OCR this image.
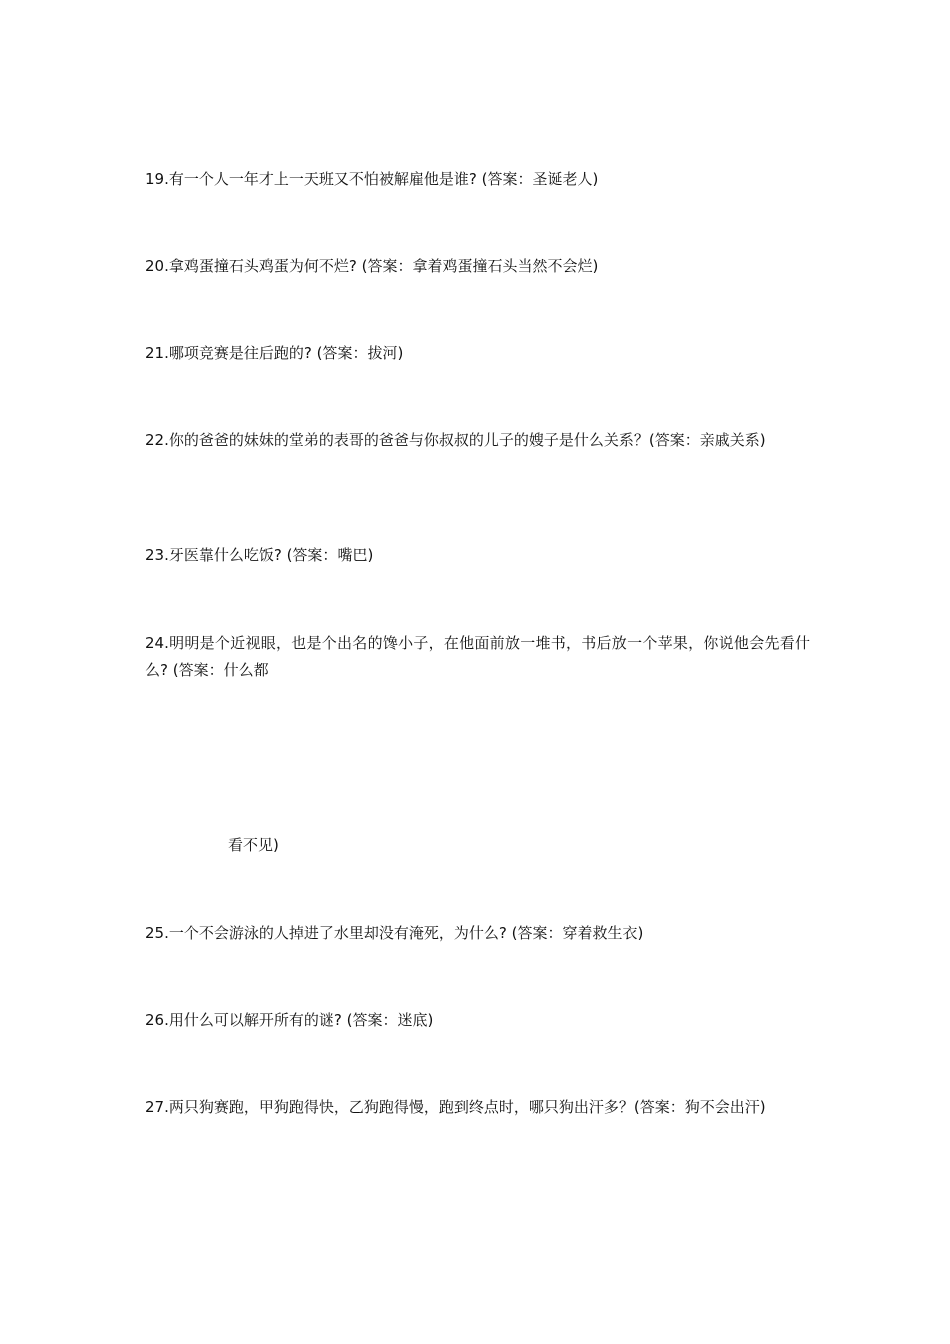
19.有一个人一年才上一天班又不怕被解雇他是谁? (答案：圣诞老人)

20.拿鸡蛋撞石头鸡蛋为何不烂? (答案：拿着鸡蛋撞石头当然不会烂)

21.哪项竞赛是往后跑的? (答案：拔河)

22.你的爸爸的妹妹的堂弟的表哥的爸爸与你叔叔的儿子的嫂子是什么关系？(答案：亲戚关系)

23.牙医靠什么吃饭? (答案：嘴巴)

24.明明是个近视眼，也是个出名的馋小子，在他面前放一堆书，书后放一个苹果，你说他会先看什么? (答案：什么都

看不见)

25.一个不会游泳的人掉进了水里却没有淹死，为什么? (答案：穿着救生衣)

26.用什么可以解开所有的谜? (答案：迷底)

27.两只狗赛跑，甲狗跑得快，乙狗跑得慢，跑到终点时，哪只狗出汗多？(答案：狗不会出汗)
